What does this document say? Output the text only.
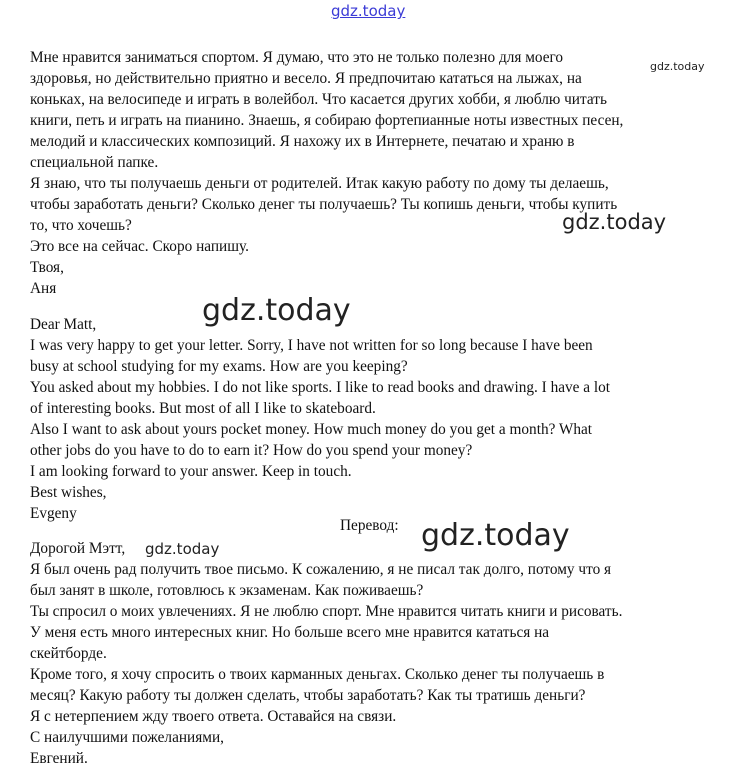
Мне нравится заниматься спортом. Я думаю, что это не только полезно для моего
здоровья, но действительно приятно и весело. Я предпочитаю кататься на лыжах, на
коньках, на велосипеде и играть в волейбол. Что касается других хобби, я люблю читать
книги, петь и играть на пианино. Знаешь, я собираю фортепианные ноты известных песен,
мелодий и классических композиций. Я нахожу их в Интернете, печатаю и храню в
специальной папке.
Я знаю, что ты получаешь деньги от родителей. Итак какую работу по дому ты делаешь,
чтобы заработать деньги? Сколько денег ты получаешь? Ты копишь деньги, чтобы купить
то, что хочешь?
Это все на сейчас. Скоро напишу.
Твоя,
Аня
Dear Matt,
I was very happy to get your letter. Sorry, I have not written for so long because I have been
busy at school studying for my exams. How are you keeping?
You asked about my hobbies. I do not like sports. I like to read books and drawing. I have a lot
of interesting books. But most of all I like to skateboard.
Also I want to ask about yours pocket money. How much money do you get a month? What
other jobs do you have to do to earn it? How do you spend your money?
I am looking forward to your answer. Keep in touch.
Best wishes,
Evgeny
Перевод:
Дорогой Мэтт,
Я был очень рад получить твое письмо. К сожалению, я не писал так долго, потому что я
был занят в школе, готовлюсь к экзаменам. Как поживаешь?
Ты спросил о моих увлечениях. Я не люблю спорт. Мне нравится читать книги и рисовать.
У меня есть много интересных книг. Но больше всего мне нравится кататься на
скейтборде.
Кроме того, я хочу спросить о твоих карманных деньгах. Сколько денег ты получаешь в
месяц? Какую работу ты должен сделать, чтобы заработать? Как ты тратишь деньги?
Я с нетерпением жду твоего ответа. Оставайся на связи.
С наилучшими пожеланиями,
Евгений.
gdz.today
gdz.today
gdz.today
gdz.today
gdz.today
gdz.today
